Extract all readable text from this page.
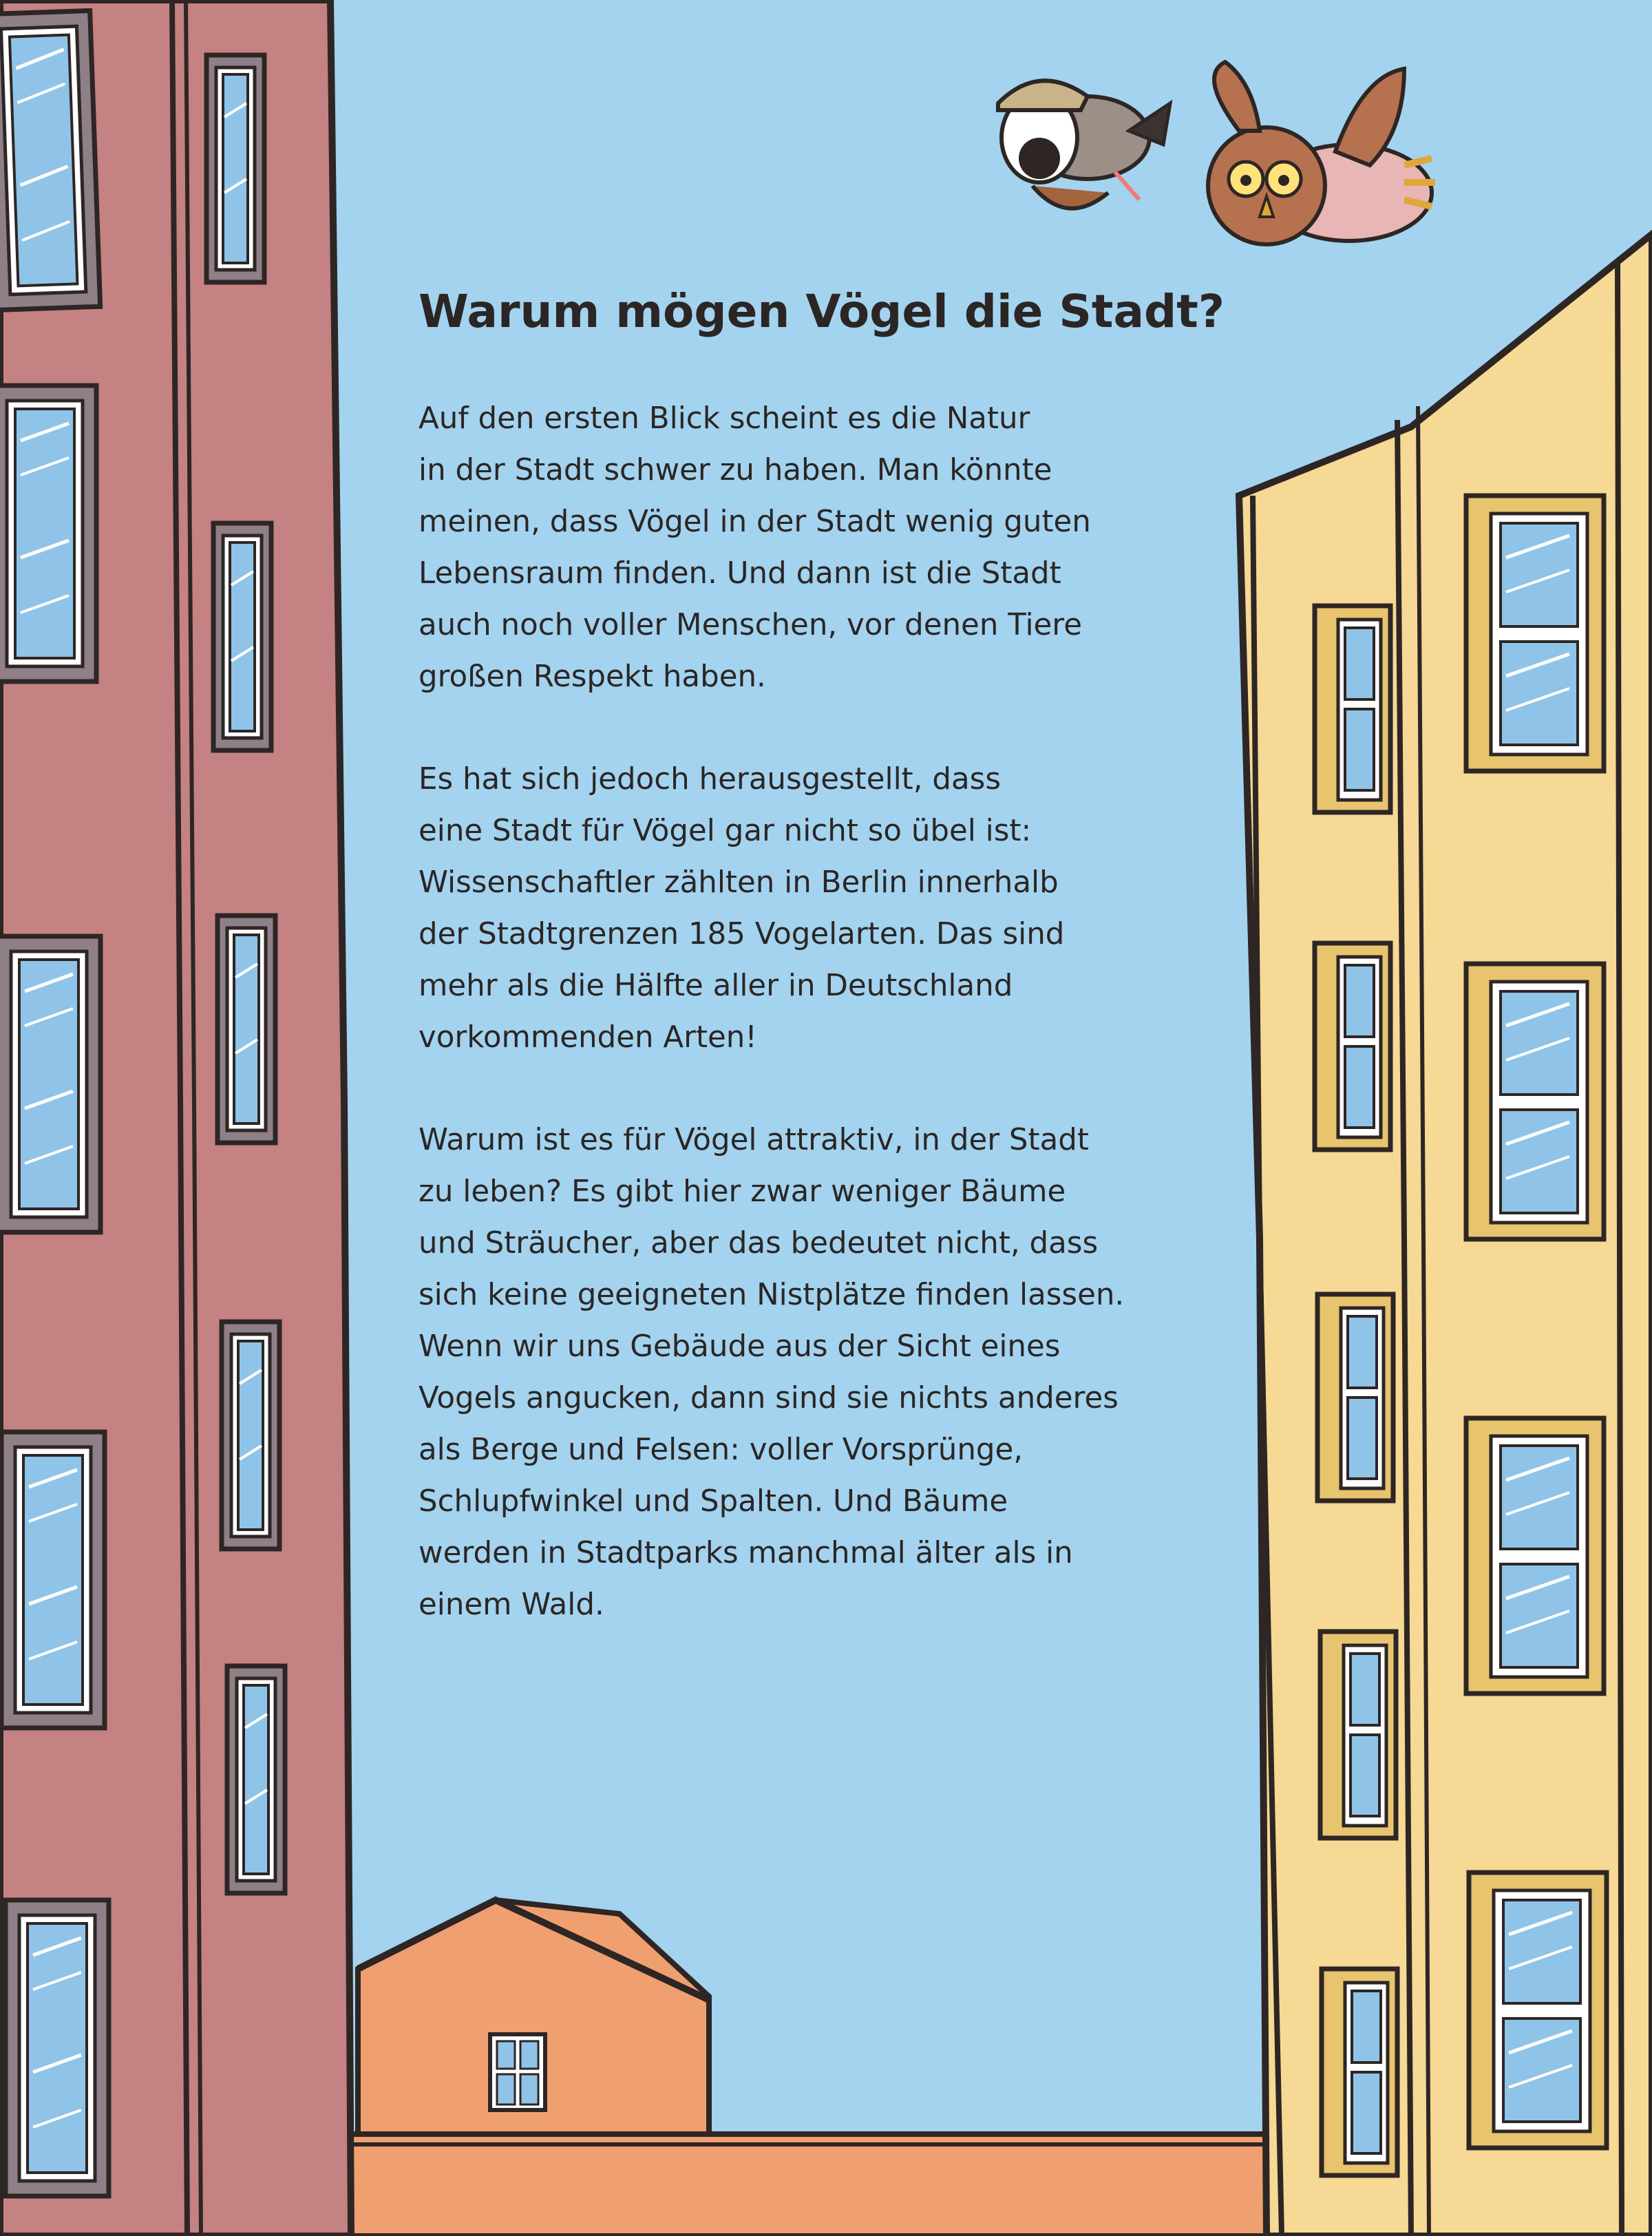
Warum mögen Vögel die Stadt?
Auf den ersten Blick scheint es die Natur
in der Stadt schwer zu haben. Man könnte
meinen, dass Vögel in der Stadt wenig guten
Lebensraum finden. Und dann ist die Stadt
auch noch voller Menschen, vor denen Tiere
großen Respekt haben.
Es hat sich jedoch herausgestellt, dass
eine Stadt für Vögel gar nicht so übel ist:
Wissenschaftler zählten in Berlin innerhalb
der Stadtgrenzen 185 Vogelarten. Das sind
mehr als die Hälfte aller in Deutschland
vorkommenden Arten!
Warum ist es für Vögel attraktiv, in der Stadt
zu leben? Es gibt hier zwar weniger Bäume
und Sträucher, aber das bedeutet nicht, dass
sich keine geeigneten Nistplätze finden lassen.
Wenn wir uns Gebäude aus der Sicht eines
Vogels angucken, dann sind sie nichts anderes
als Berge und Felsen: voller Vorsprünge,
Schlupfwinkel und Spalten. Und Bäume
werden in Stadtparks manchmal älter als in
einem Wald.
